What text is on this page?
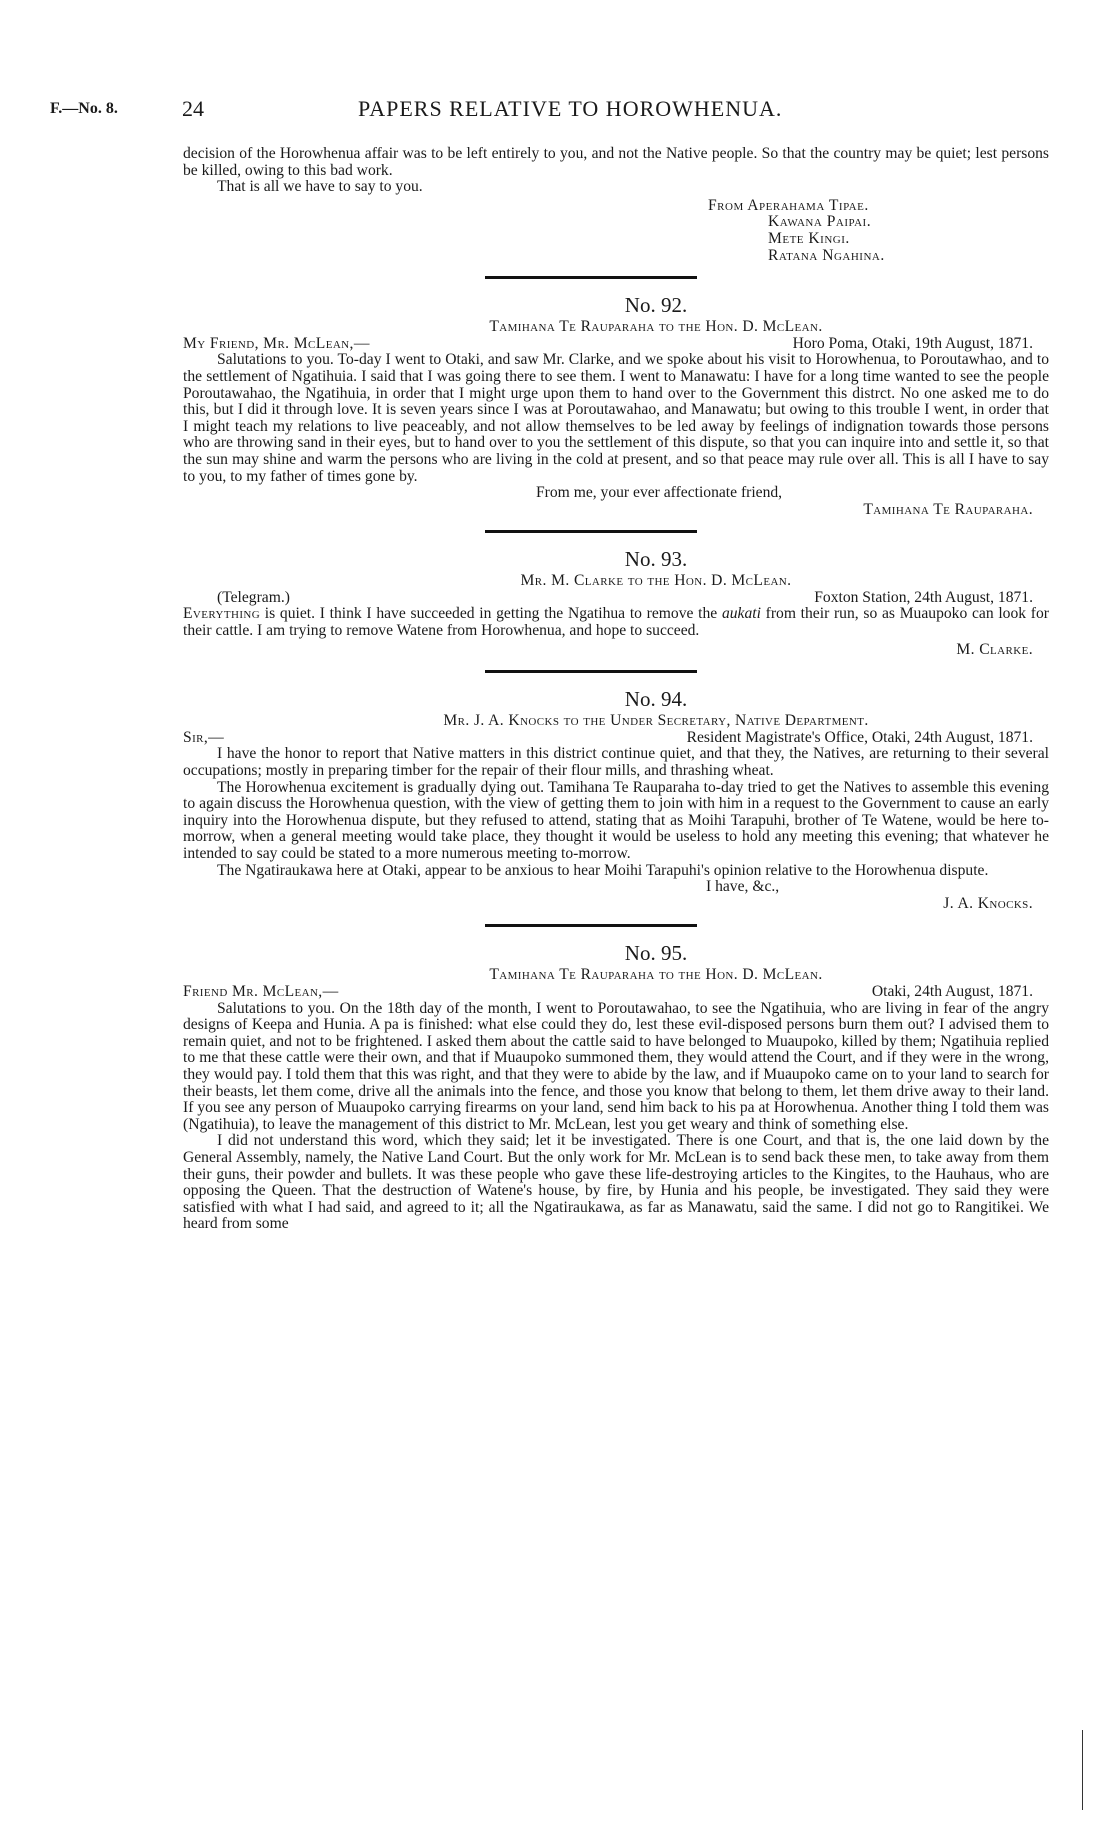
F.—No. 8.	24	PAPERS RELATIVE TO HOROWHENUA.

decision of the Horowhenua affair was to be left entirely to you, and not the Native people. So that the country may be quiet; lest persons be killed, owing to this bad work.

That is all we have to say to you.

From Aperahama Tipae.
Kawana Paipai.
Mete Kingi.
Ratana Ngahina.
No. 92.
Tamihana Te Rauparaha to the Hon. D. McLean.
My Friend, Mr. McLean,—	Horo Poma, Otaki, 19th August, 1871.

Salutations to you. To-day I went to Otaki, and saw Mr. Clarke, and we spoke about his visit to Horowhenua, to Poroutawhao, and to the settlement of Ngatihuia. I said that I was going there to see them. I went to Manawatu: I have for a long time wanted to see the people Poroutawahao, the Ngatihuia, in order that I might urge upon them to hand over to the Government this distrct. No one asked me to do this, but I did it through love. It is seven years since I was at Poroutawahao, and Manawatu; but owing to this trouble I went, in order that I might teach my relations to live peaceably, and not allow themselves to be led away by feelings of indignation towards those persons who are throwing sand in their eyes, but to hand over to you the settlement of this dispute, so that you can inquire into and settle it, so that the sun may shine and warm the persons who are living in the cold at present, and so that peace may rule over all. This is all I have to say to you, to my father of times gone by.

From me, your ever affectionate friend,

Tamihana Te Rauparaha.

No. 93.
Mr. M. Clarke to the Hon. D. McLean.
(Telegram.)	Foxton Station, 24th August, 1871.

Everything is quiet. I think I have succeeded in getting the Ngatihua to remove the aukati from their run, so as Muaupoko can look for their cattle. I am trying to remove Watene from Horowhenua, and hope to succeed.

M. Clarke.

No. 94.
Mr. J. A. Knocks to the Under Secretary, Native Department.
Sir,—	Resident Magistrate's Office, Otaki, 24th August, 1871.

I have the honor to report that Native matters in this district continue quiet, and that they, the Natives, are returning to their several occupations; mostly in preparing timber for the repair of their flour mills, and thrashing wheat.

The Horowhenua excitement is gradually dying out. Tamihana Te Rauparaha to-day tried to get the Natives to assemble this evening to again discuss the Horowhenua question, with the view of getting them to join with him in a request to the Government to cause an early inquiry into the Horowhenua dispute, but they refused to attend, stating that as Moihi Tarapuhi, brother of Te Watene, would be here to-morrow, when a general meeting would take place, they thought it would be useless to hold any meeting this evening; that whatever he intended to say could be stated to a more numerous meeting to-morrow.

The Ngatiraukawa here at Otaki, appear to be anxious to hear Moihi Tarapuhi's opinion relative to the Horowhenua dispute.

I have, &c.,

J. A. Knocks.

No. 95.
Tamihana Te Rauparaha to the Hon. D. McLean.
Friend Mr. McLean,—	Otaki, 24th August, 1871.

Salutations to you. On the 18th day of the month, I went to Poroutawahao, to see the Ngatihuia, who are living in fear of the angry designs of Keepa and Hunia. A pa is finished: what else could they do, lest these evil-disposed persons burn them out? I advised them to remain quiet, and not to be frightened. I asked them about the cattle said to have belonged to Muaupoko, killed by them; Ngatihuia replied to me that these cattle were their own, and that if Muaupoko summoned them, they would attend the Court, and if they were in the wrong, they would pay. I told them that this was right, and that they were to abide by the law, and if Muaupoko came on to your land to search for their beasts, let them come, drive all the animals into the fence, and those you know that belong to them, let them drive away to their land. If you see any person of Muaupoko carrying firearms on your land, send him back to his pa at Horowhenua. Another thing I told them was (Ngatihuia), to leave the management of this district to Mr. McLean, lest you get weary and think of something else.

I did not understand this word, which they said; let it be investigated. There is one Court, and that is, the one laid down by the General Assembly, namely, the Native Land Court. But the only work for Mr. McLean is to send back these men, to take away from them their guns, their powder and bullets. It was these people who gave these life-destroying articles to the Kingites, to the Hauhaus, who are opposing the Queen. That the destruction of Watene's house, by fire, by Hunia and his people, be investigated. They said they were satisfied with what I had said, and agreed to it; all the Ngatiraukawa, as far as Manawatu, said the same. I did not go to Rangitikei. We heard from some
